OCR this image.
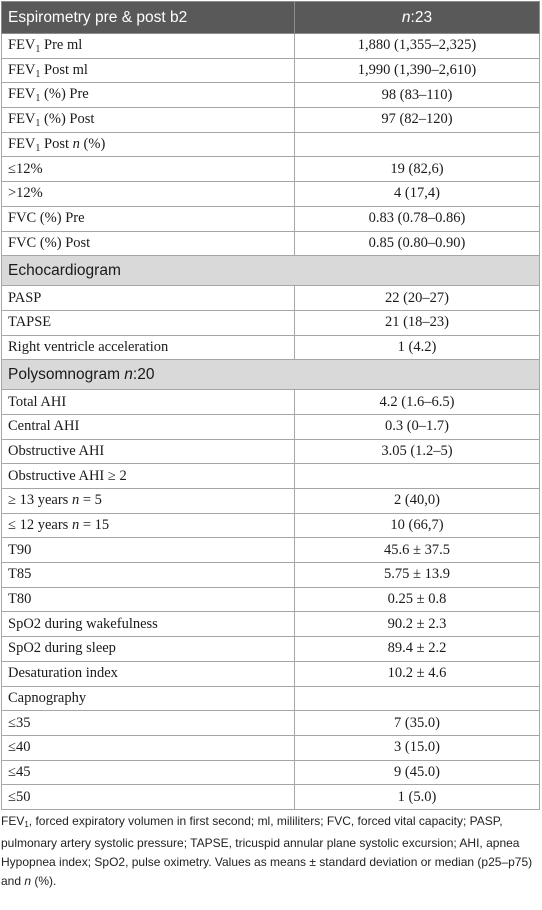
Espirometry pre & post b2	n:23
$FEV_1$ Pre ml	1,880 (1,355–2,325)
$FEV_1$ Post ml	1,990 (1,390–2,610)
$FEV_1$ (%) Pre	98 (83–110)
$FEV_1$ (%) Post	97 (82–120)
$FEV_1$ Post n (%)	
≤12%	19 (82,6)
>12%	4 (17,4)
FVC (%) Pre	0.83 (0.78–0.86)
FVC (%) Post	0.85 (0.80–0.90)
Echocardiogram	
PASP	22 (20–27)
TAPSE	21 (18–23)
Right ventricle acceleration	1 (4.2)
Polysomnogram n:20	
Total AHI	4.2 (1.6–6.5)
Central AHI	0.3 (0–1.7)
Obstructive AHI	3.05 (1.2–5)
Obstructive AHI ≥ 2	
≥ 13 years n = 5	2 (40,0)
≤ 12 years n = 15	10 (66,7)
T90	45.6 ± 37.5
T85	5.75 ± 13.9
T80	0.25 ± 0.8
SpO2 during wakefulness	90.2 ± 2.3
SpO2 during sleep	89.4 ± 2.2
Desaturation index	10.2 ± 4.6
Capnography	
≤35	7 (35.0)
≤40	3 (15.0)
≤45	9 (45.0)
≤50	1 (5.0)
FEV1, forced expiratory volumen in first second; ml, mililiters; FVC, forced vital capacity; PASP, pulmonary artery systolic pressure; TAPSE, tricuspid annular plane systolic excursion; AHI, apnea Hypopnea index; SpO2, pulse oximetry. Values as means ± standard deviation or median (p25–p75) and n (%).
